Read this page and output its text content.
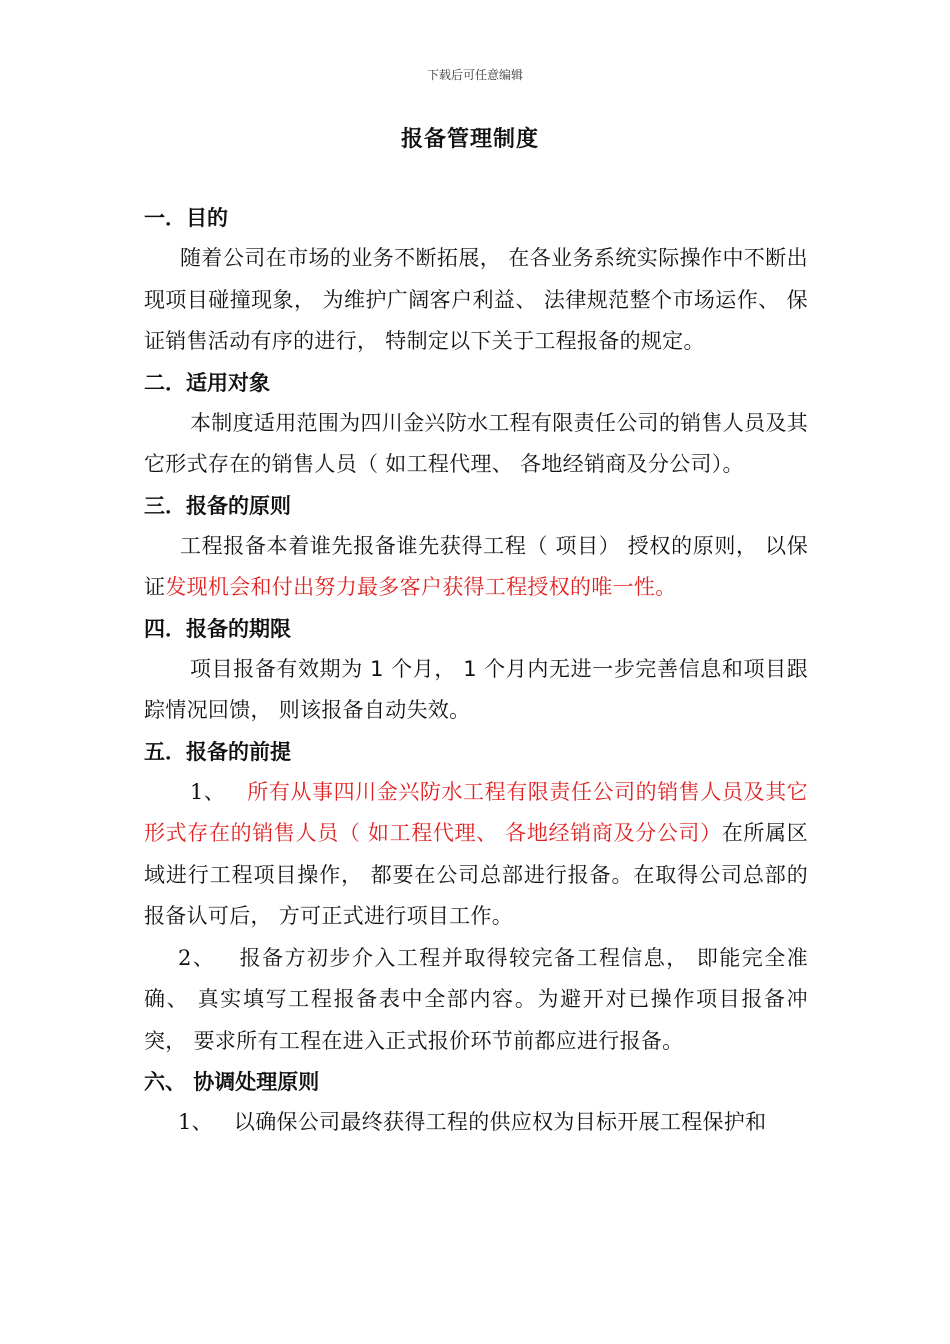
下载后可任意编辑
报备管理制度
一．目的
随着公司在市场的业务不断拓展， 在各业务系统实际操作中不断出现项目碰撞现象， 为维护广阔客户利益、 法律规范整个市场运作、 保证销售活动有序的进行， 特制定以下关于工程报备的规定。
二．适用对象
本制度适用范围为四川金兴防水工程有限责任公司的销售人员及其它形式存在的销售人员（ 如工程代理、 各地经销商及分公司）。
三．报备的原则
工程报备本着谁先报备谁先获得工程（ 项目） 授权的原则， 以保证发现机会和付出努力最多客户获得工程授权的唯一性。
四．报备的期限
项目报备有效期为 1 个月， 1 个月内无进一步完善信息和项目跟踪情况回馈， 则该报备自动失效。
五．报备的前提
1、 所有从事四川金兴防水工程有限责任公司的销售人员及其它形式存在的销售人员（ 如工程代理、 各地经销商及分公司）在所属区域进行工程项目操作， 都要在公司总部进行报备。在取得公司总部的报备认可后， 方可正式进行项目工作。
2、 报备方初步介入工程并取得较完备工程信息， 即能完全准确、 真实填写工程报备表中全部内容。为避开对已操作项目报备冲突， 要求所有工程在进入正式报价环节前都应进行报备。
六、 协调处理原则
1、 以确保公司最终获得工程的供应权为目标开展工程保护和
